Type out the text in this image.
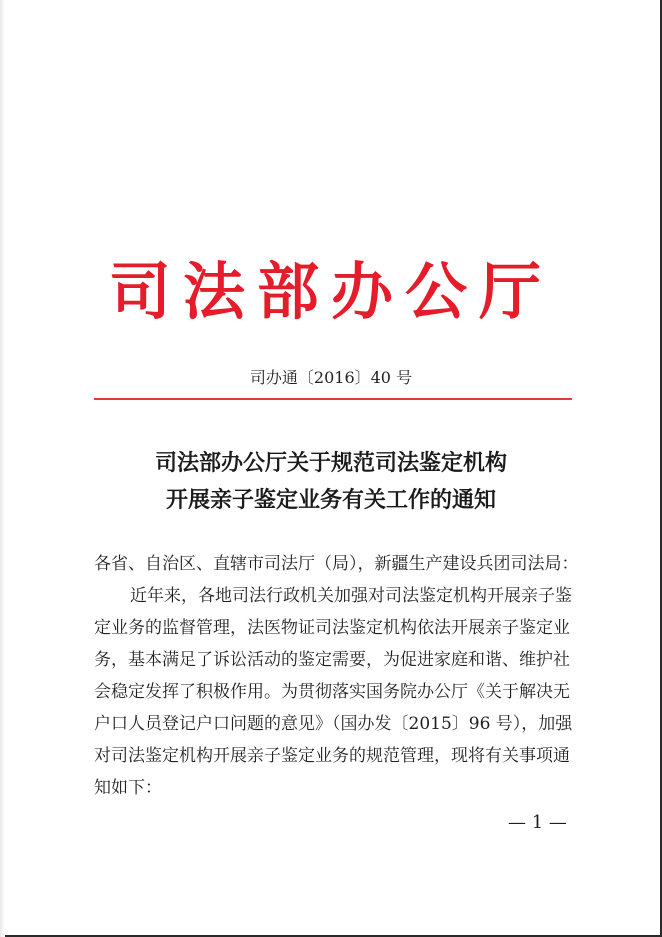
司法部办公厅
司办通〔2016〕40 号
司法部办公厅关于规范司法鉴定机构
开展亲子鉴定业务有关工作的通知
各省、自治区、直辖市司法厅（局），新疆生产建设兵团司法局：
近年来，各地司法行政机关加强对司法鉴定机构开展亲子鉴
定业务的监督管理，法医物证司法鉴定机构依法开展亲子鉴定业
务，基本满足了诉讼活动的鉴定需要，为促进家庭和谐、维护社
会稳定发挥了积极作用。为贯彻落实国务院办公厅《关于解决无
户口人员登记户口问题的意见》（国办发〔2015〕96 号），加强
对司法鉴定机构开展亲子鉴定业务的规范管理，现将有关事项通
知如下：
— 1 —
